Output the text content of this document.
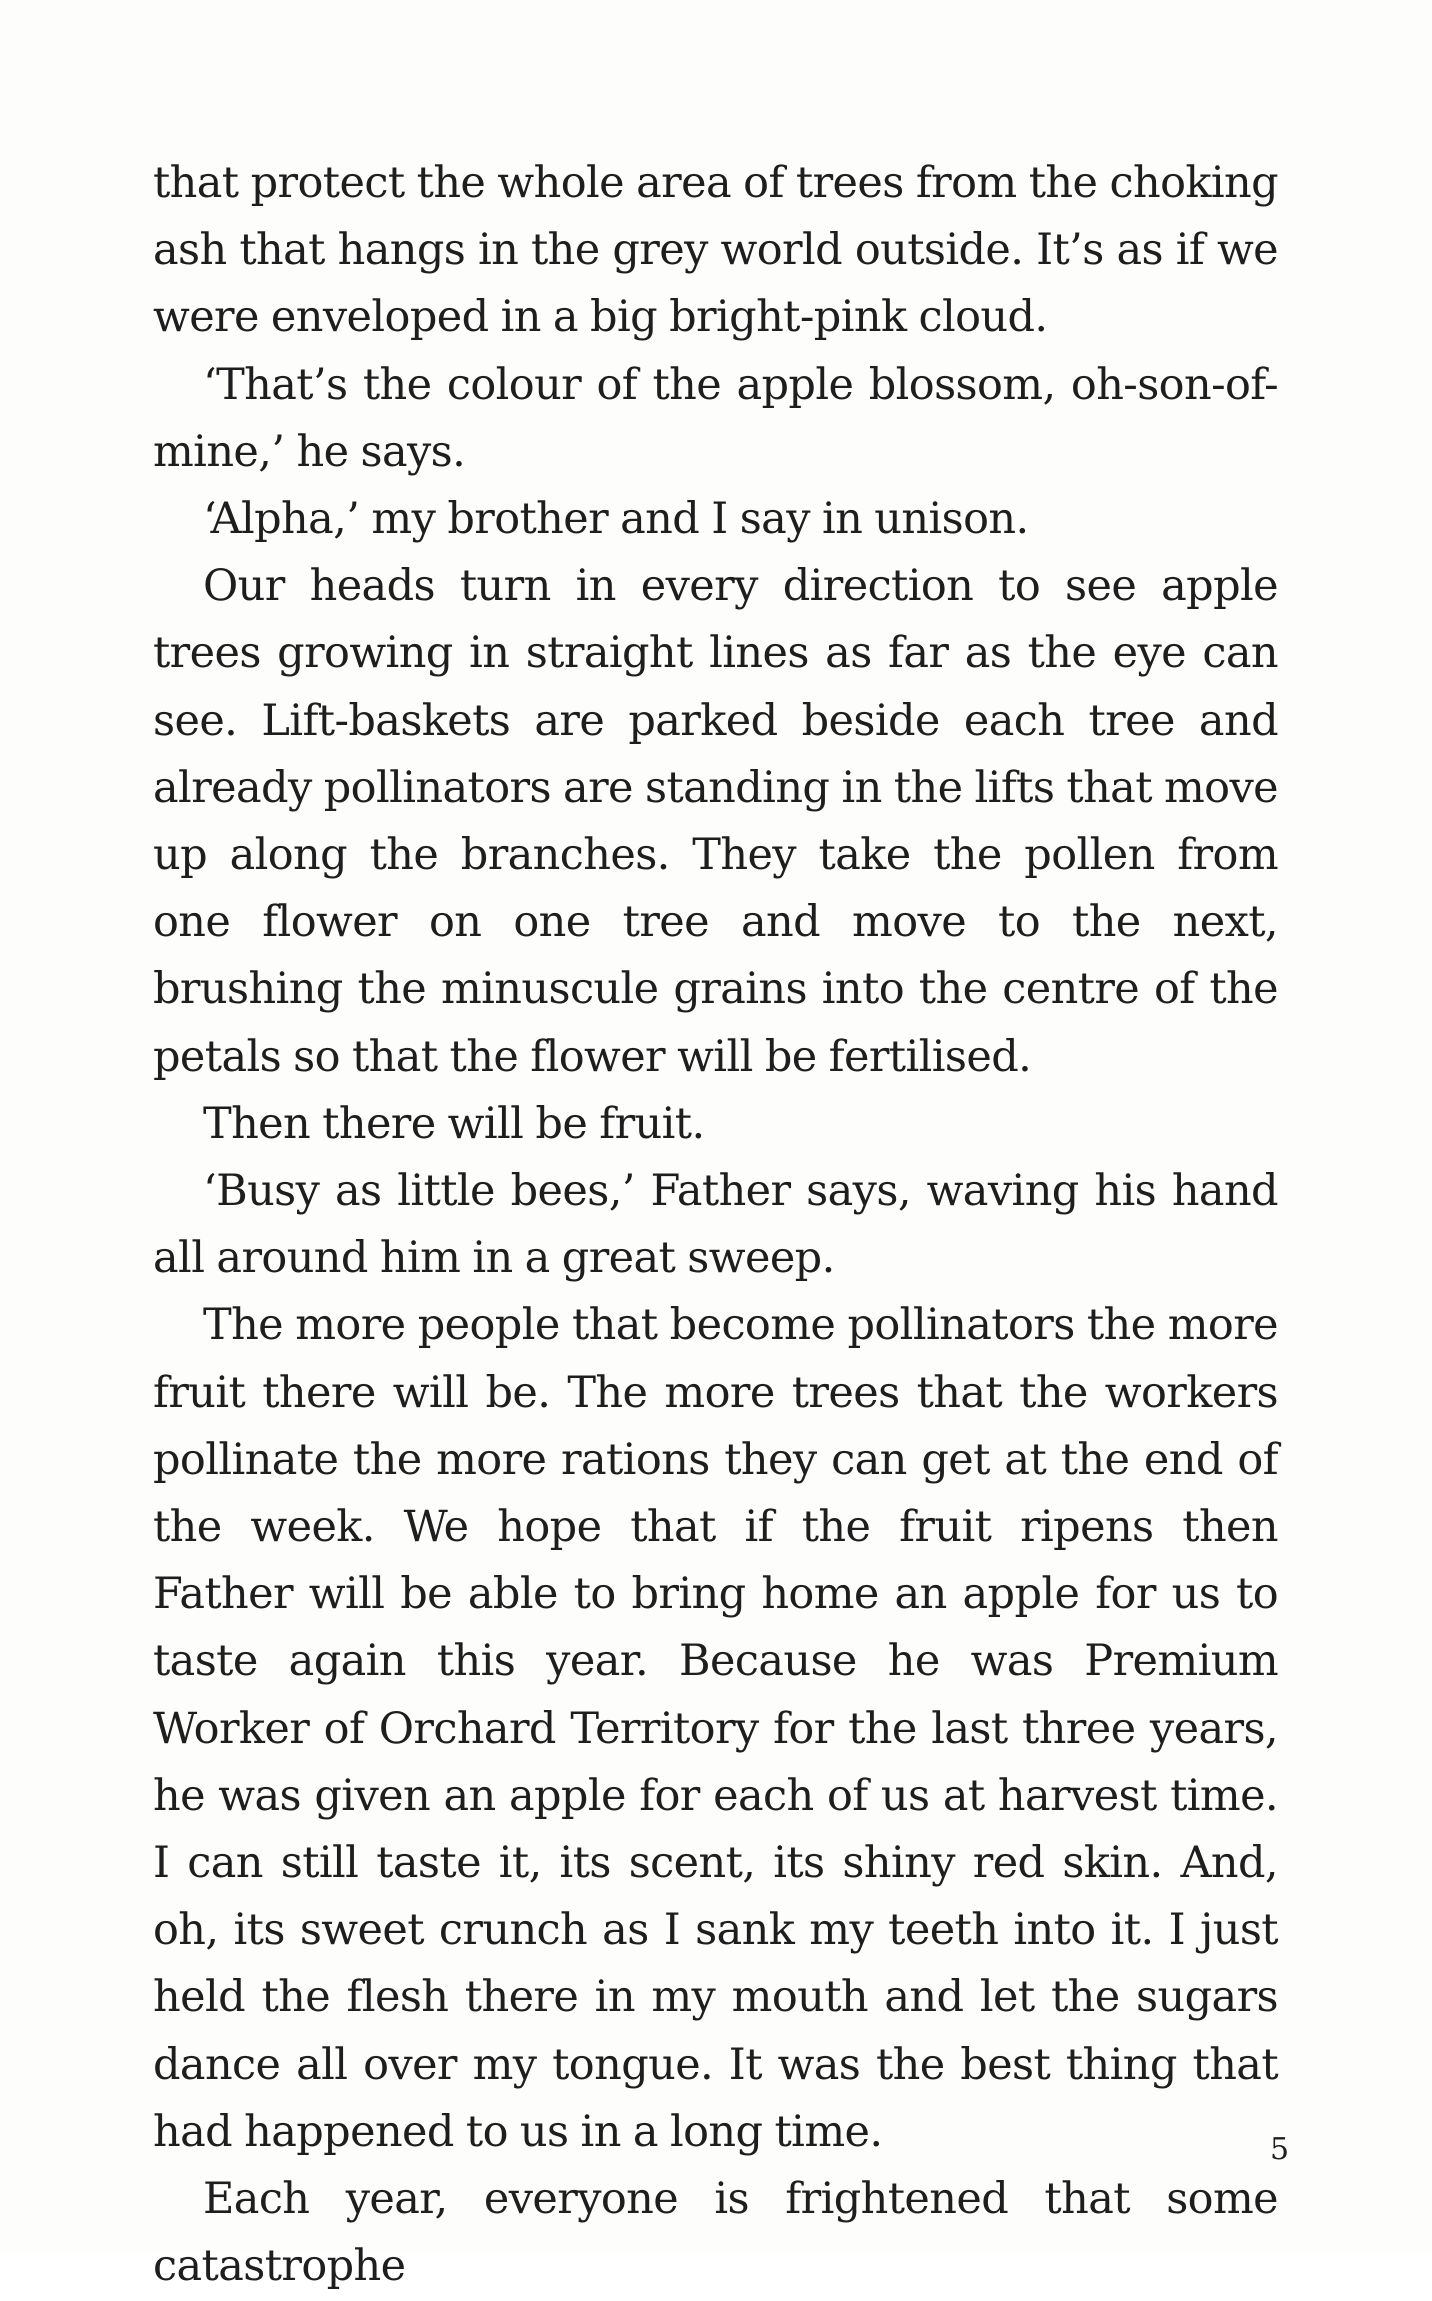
that protect the whole area of trees from the choking ash that hangs in the grey world outside. It’s as if we were enveloped in a big bright-pink cloud.

‘That’s the colour of the apple blossom, oh-son-of-mine,’ he says.

‘Alpha,’ my brother and I say in unison.

Our heads turn in every direction to see apple trees growing in straight lines as far as the eye can see. Lift-baskets are parked beside each tree and already pollinators are standing in the lifts that move up along the branches. They take the pollen from one flower on one tree and move to the next, brushing the minuscule grains into the centre of the petals so that the flower will be fertilised.

Then there will be fruit.

‘Busy as little bees,’ Father says, waving his hand all around him in a great sweep.

The more people that become pollinators the more fruit there will be. The more trees that the workers pollinate the more rations they can get at the end of the week. We hope that if the fruit ripens then Father will be able to bring home an apple for us to taste again this year. Because he was Premium Worker of Orchard Territory for the last three years, he was given an apple for each of us at harvest time. I can still taste it, its scent, its shiny red skin. And, oh, its sweet crunch as I sank my teeth into it. I just held the flesh there in my mouth and let the sugars dance all over my tongue. It was the best thing that had happened to us in a long time.

Each year, everyone is frightened that some catastrophe

5
